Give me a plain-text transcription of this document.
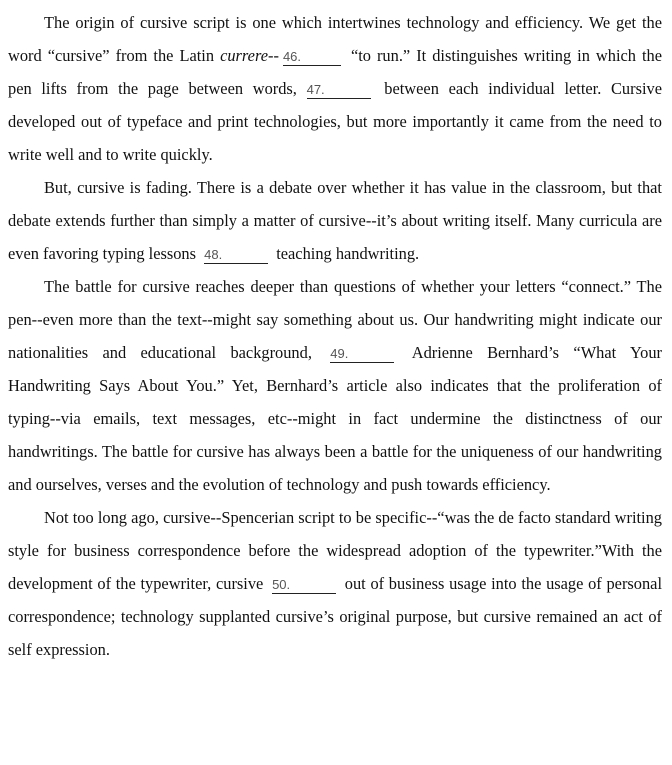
The origin of cursive script is one which intertwines technology and efficiency. We get the word “cursive” from the Latin currere-- 46.	“to run.” It distinguishes writing in which the pen lifts from the page between words, 47.	between each individual letter. Cursive developed out of typeface and print technologies, but more importantly it came from the need to write well and to write quickly.

But, cursive is fading. There is a debate over whether it has value in the classroom, but that debate extends further than simply a matter of cursive--it’s about writing itself. Many curricula are even favoring typing lessons 48.	teaching handwriting.

The battle for cursive reaches deeper than questions of whether your letters “connect.” The pen--even more than the text--might say something about us. Our handwriting might indicate our nationalities and educational background, 49.	Adrienne Bernhard’s “What Your Handwriting Says About You.” Yet, Bernhard’s article also indicates that the proliferation of typing--via emails, text messages, etc--might in fact undermine the distinctness of our handwritings. The battle for cursive has always been a battle for the uniqueness of our handwriting and ourselves, verses and the evolution of technology and push towards efficiency.

Not too long ago, cursive--Spencerian script to be specific--“was the de facto standard writing style for business correspondence before the widespread adoption of the typewriter.”With the development of the typewriter, cursive 50.	out of business usage into the usage of personal correspondence; technology supplanted cursive’s original purpose, but cursive remained an act of self expression.
